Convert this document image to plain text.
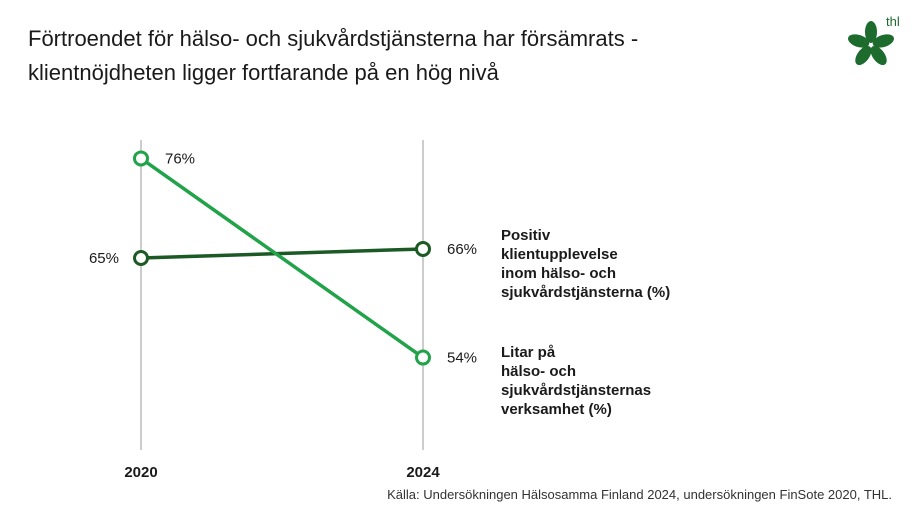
Förtroendet för hälso- och sjukvårdstjänsterna har försämrats -
klientnöjdheten ligger fortfarande på en hög nivå
thl
65%
66%
76%
54%
2020	2024
Positiv
klientupplevelse
inom hälso- och
sjukvårdstjänsterna (%)
Litar på
hälso- och
sjukvårdstjänsternas
verksamhet (%)
Källa: Undersökningen Hälsosamma Finland 2024, undersökningen FinSote 2020, THL.
